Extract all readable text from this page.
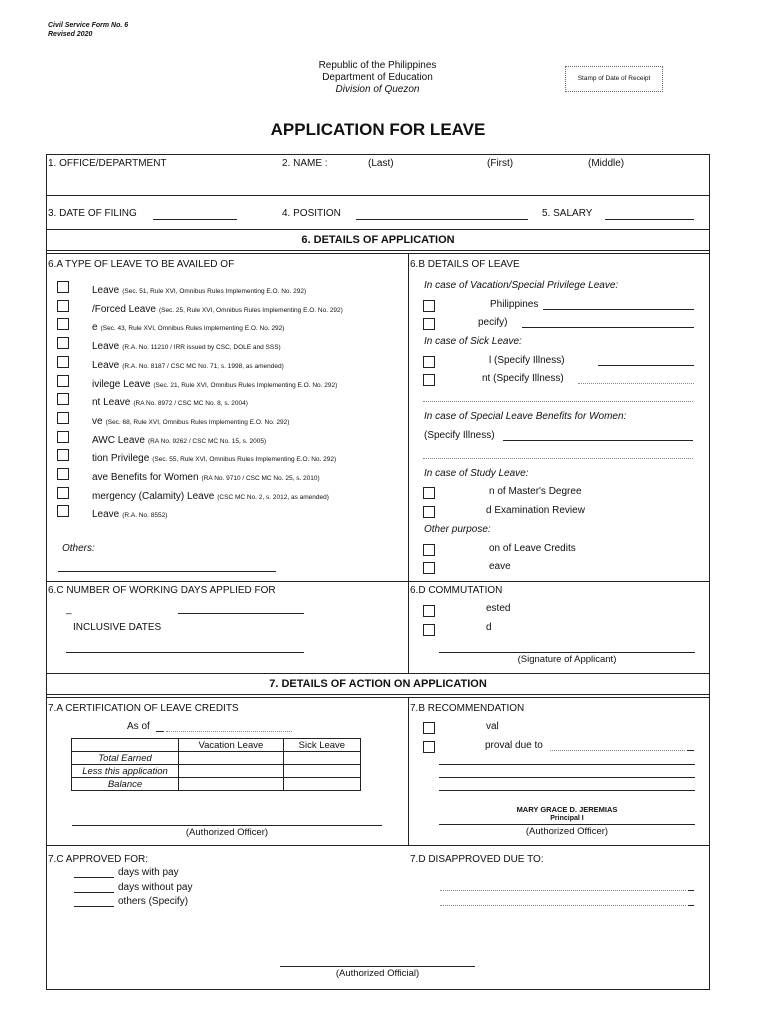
Civil Service Form No. 6
Revised 2020
Republic of the Philippines
Department of Education
Division of Quezon
Stamp of Date of Receipt
APPLICATION FOR LEAVE
1. OFFICE/DEPARTMENT	2. NAME :	(Last)	(First)	(Middle)
3. DATE OF FILING	4. POSITION	5. SALARY
6. DETAILS OF APPLICATION
6.A TYPE OF LEAVE TO BE AVAILED OF	6.B DETAILS OF LEAVE
Leave (Sec. 51, Rule XVI, Omnibus Rules Implementing E.O. No. 292)
/Forced Leave (Sec. 25, Rule XVI, Omnibus Rules Implementing E.O. No. 292)
e (Sec. 43, Rule XVI, Omnibus Rules Implementing E.O. No. 292)
Leave (R.A. No. 11210 / IRR issued by CSC, DOLE and SSS)
Leave (R.A. No. 8187 / CSC MC No. 71, s. 1998, as amended)
ivilege Leave (Sec. 21, Rule XVI, Omnibus Rules Implementing E.O. No. 292)
nt Leave (RA No. 8972 / CSC MC No. 8, s. 2004)
ve (Sec. 68, Rule XVI, Omnibus Rules Implementing E.O. No. 292)
AWC Leave (RA No. 9262 / CSC MC No. 15, s. 2005)
tion Privilege (Sec. 55, Rule XVI, Omnibus Rules Implementing E.O. No. 292)
ave Benefits for Women (RA No. 9710 / CSC MC No. 25, s. 2010)
mergency (Calamity) Leave (CSC MC No. 2, s. 2012, as amended)
Leave (R.A. No. 8552)
Others:
In case of Vacation/Special Privilege Leave:
Philippines
pecify)
In case of Sick Leave:
l (Specify Illness)
nt (Specify Illness)
In case of Special Leave Benefits for Women:
(Specify Illness)
In case of Study Leave:
n of Master's Degree
d Examination Review
Other purpose:
on of Leave Credits
eave
6.C NUMBER OF WORKING DAYS APPLIED FOR
_
INCLUSIVE DATES
6.D COMMUTATION
ested
d
(Signature of Applicant)
7. DETAILS OF ACTION ON APPLICATION
7.A CERTIFICATION OF LEAVE CREDITS
As of
	Vacation Leave	Sick Leave
Total Earned		
Less this application		
Balance		
(Authorized Officer)
7.B RECOMMENDATION
val
proval due to
MARY GRACE D. JEREMIAS
Principal I
(Authorized Officer)
7.C APPROVED FOR:
days with pay
days without pay
others (Specify)
7.D DISAPPROVED DUE TO:
(Authorized Official)
